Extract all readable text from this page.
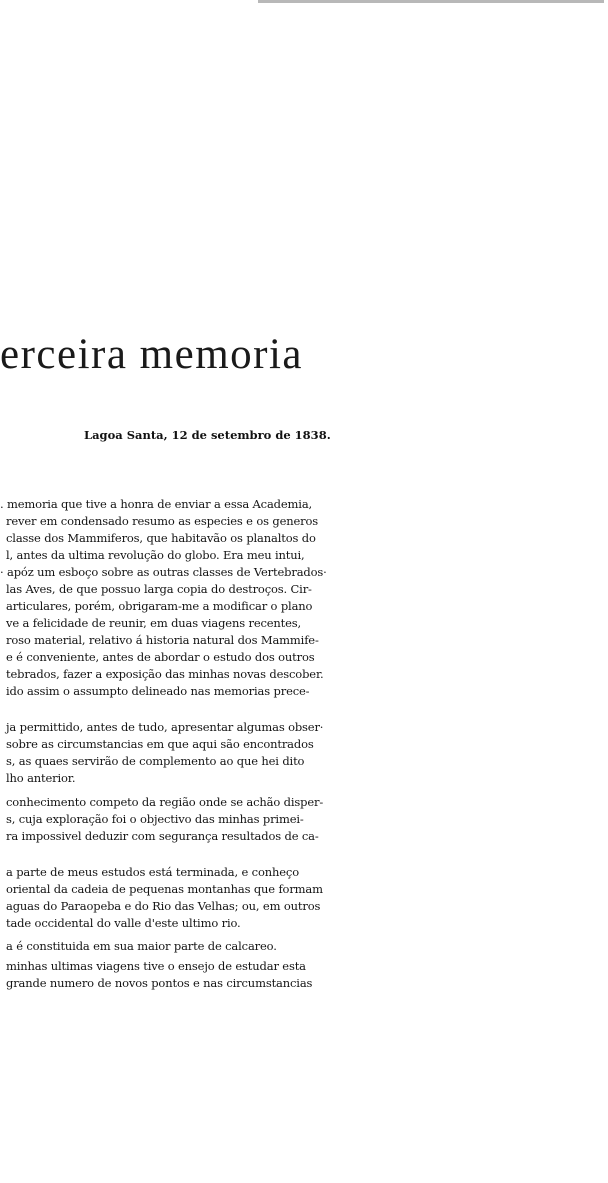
erceira memoria
Lagoa Santa, 12 de setembro de 1838.
. memoria que tive a honra de enviar a essa Academia,
rever em condensado resumo as especies e os generos
classe dos Mammiferos, que habitavão os planaltos do
l, antes da ultima revolução do globo. Era meu intui,
· apóz um esboço sobre as outras classes de Vertebrados·
las Aves, de que possuo larga copia do destroços. Cir-
articulares, porém, obrigaram-me a modificar o plano
ve a felicidade de reunir, em duas viagens recentes,
roso material, relativo á historia natural dos Mammife-
e é conveniente, antes de abordar o estudo dos outros
tebrados, fazer a exposição das minhas novas descober.
ido assim o assumpto delineado nas memorias prece-
ja permittido, antes de tudo, apresentar algumas obser·
sobre as circumstancias em que aqui são encontrados
s, as quaes servirão de complemento ao que hei dito
lho anterior.
conhecimento competo da região onde se achão disper-
s, cuja exploração foi o objectivo das minhas primei-
ra impossivel deduzir com segurança resultados de ca-
a parte de meus estudos está terminada, e conheço
oriental da cadeia de pequenas montanhas que formam
aguas do Paraopeba e do Rio das Velhas; ou, em outros
tade occidental do valle d'este ultimo rio.
a é constituida em sua maior parte de calcareo.
minhas ultimas viagens tive o ensejo de estudar esta
grande numero de novos pontos e nas circumstancias
